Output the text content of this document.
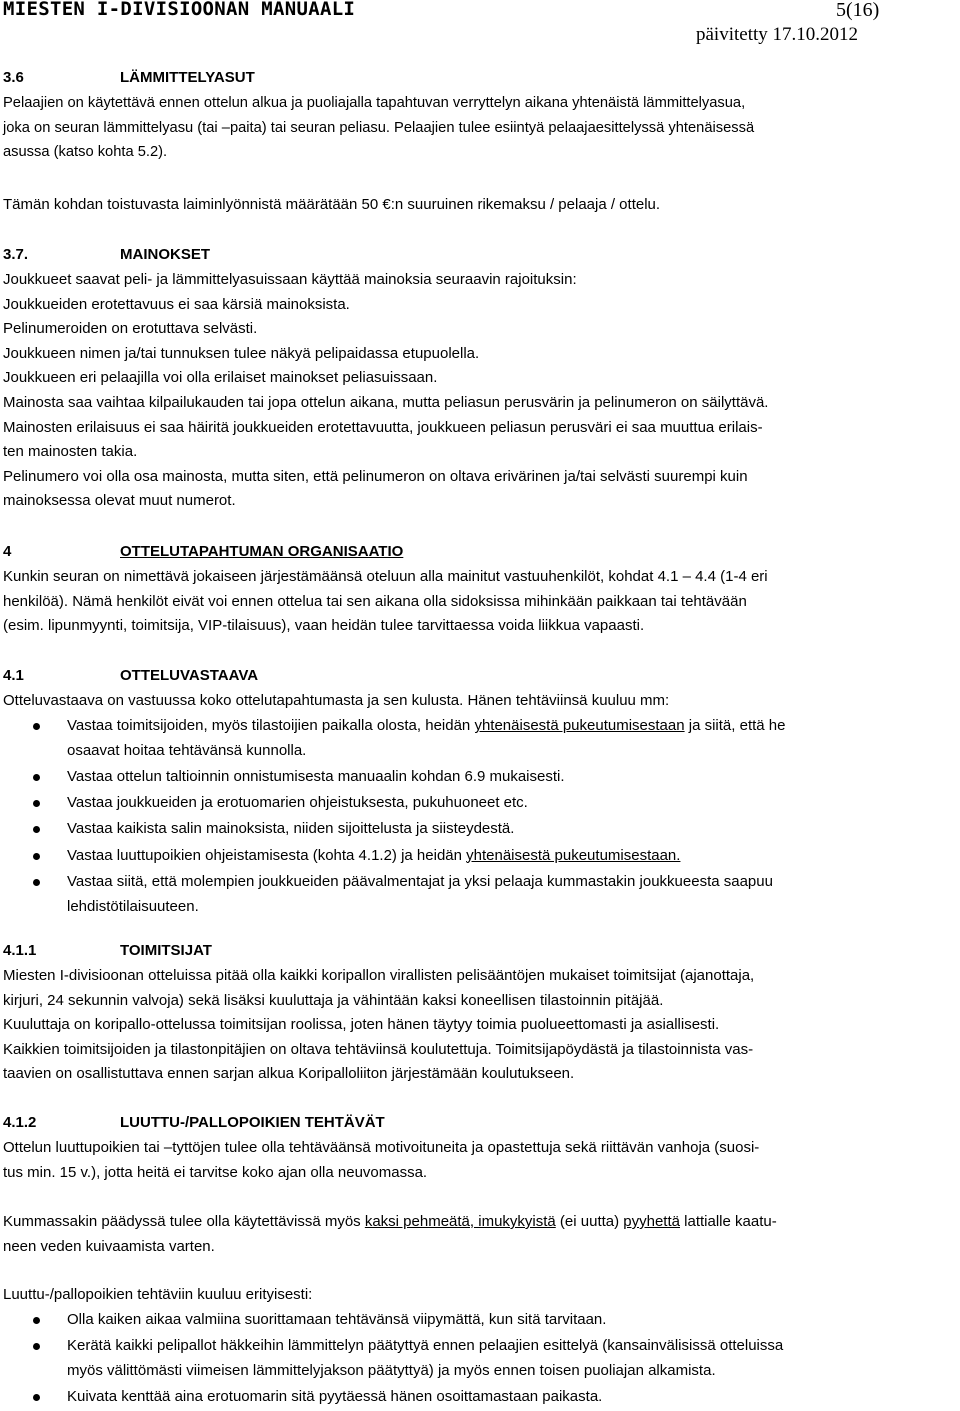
MIESTEN I-DIVISIOONAN MANUAALI	5(16)
päivitetty 17.10.2012
3.6	LÄMMITTELYASUT
Pelaajien on käytettävä ennen ottelun alkua ja puoliajalla tapahtuvan verryttelyn aikana yhtenäistä lämmittelyasua,
joka on seuran lämmittelyasu (tai –paita) tai seuran peliasu. Pelaajien tulee esiintyä pelaajaesittelyssä yhtenäisessä
asussa (katso kohta 5.2).
Tämän kohdan toistuvasta laiminlyönnistä määrätään 50 €:n suuruinen rikemaksu / pelaaja / ottelu.
3.7.	MAINOKSET
Joukkueet saavat peli- ja lämmittelyasuissaan käyttää mainoksia seuraavin rajoituksin:
Joukkueiden erotettavuus ei saa kärsiä mainoksista.
Pelinumeroiden on erotuttava selvästi.
Joukkueen nimen ja/tai tunnuksen tulee näkyä pelipaidassa etupuolella.
Joukkueen eri pelaajilla voi olla erilaiset mainokset peliasuissaan.
Mainosta saa vaihtaa kilpailukauden tai jopa ottelun aikana, mutta peliasun perusvärin ja pelinumeron on säilyttävä.
Mainosten erilaisuus ei saa häiritä joukkueiden erotettavuutta, joukkueen peliasun perusväri ei saa muuttua erilais-
ten mainosten takia.
Pelinumero voi olla osa mainosta, mutta siten, että pelinumeron on oltava erivärinen ja/tai selvästi suurempi kuin
mainoksessa olevat muut numerot.
4	OTTELUTAPAHTUMAN ORGANISAATIO
Kunkin seuran on nimettävä jokaiseen järjestämäänsä oteluun alla mainitut vastuuhenkilöt, kohdat 4.1 – 4.4 (1-4 eri
henkilöä). Nämä henkilöt eivät voi ennen ottelua tai sen aikana olla sidoksissa mihinkään paikkaan tai tehtävään
(esim. lipunmyynti, toimitsija, VIP-tilaisuus), vaan heidän tulee tarvittaessa voida liikkua vapaasti.
4.1	OTTELUVASTAAVA
Otteluvastaava on vastuussa koko ottelutapahtumasta ja sen kulusta. Hänen tehtäviinsä kuuluu mm:
Vastaa toimitsijoiden, myös tilastoijien paikalla olosta, heidän yhtenäisestä pukeutumisestaan ja siitä, että he
osaavat hoitaa tehtävänsä kunnolla.
Vastaa ottelun taltioinnin onnistumisesta manuaalin kohdan 6.9 mukaisesti.
Vastaa joukkueiden ja erotuomarien ohjeistuksesta, pukuhuoneet etc.
Vastaa kaikista salin mainoksista, niiden sijoittelusta ja siisteydestä.
Vastaa luuttupoikien ohjeistamisesta (kohta 4.1.2) ja heidän yhtenäisestä pukeutumisestaan.
Vastaa siitä, että molempien joukkueiden päävalmentajat ja yksi pelaaja kummastakin joukkueesta saapuu
lehdistötilaisuuteen.
4.1.1	TOIMITSIJAT
Miesten I-divisioonan otteluissa pitää olla kaikki koripallon virallisten pelisääntöjen mukaiset toimitsijat (ajanottaja,
kirjuri, 24 sekunnin valvoja) sekä lisäksi kuuluttaja ja vähintään kaksi koneellisen tilastoinnin pitäjää.
Kuuluttaja on koripallo-ottelussa toimitsijan roolissa, joten hänen täytyy toimia puolueettomasti ja asiallisesti.
Kaikkien toimitsijoiden ja tilastonpitäjien on oltava tehtäviinsä koulutettuja. Toimitsijapöydästä ja tilastoinnista vas-
taavien on osallistuttava ennen sarjan alkua Koripalloliiton järjestämään koulutukseen.
4.1.2	LUUTTU-/PALLOPOIKIEN TEHTÄVÄT
Ottelun luuttupoikien tai –tyttöjen tulee olla tehtäväänsä motivoituneita ja opastettuja sekä riittävän vanhoja (suosi-
tus min. 15 v.), jotta heitä ei tarvitse koko ajan olla neuvomassa.
Kummassakin päädyssä tulee olla käytettävissä myös kaksi pehmeätä, imukykyistä (ei uutta) pyyhettä lattialle kaatu-
neen veden kuivaamista varten.
Luuttu-/pallopoikien tehtäviin kuuluu erityisesti:
Olla kaiken aikaa valmiina suorittamaan tehtävänsä viipymättä, kun sitä tarvitaan.
Kerätä kaikki pelipallot häkkeihin lämmittelyn päätyttyä ennen pelaajien esittelyä (kansainvälisissä otteluissa
myös välittömästi viimeisen lämmittelyjakson päätyttyä) ja myös ennen toisen puoliajan alkamista.
Kuivata kenttää aina erotuomarin sitä pyytäessä hänen osoittamastaan paikasta.
